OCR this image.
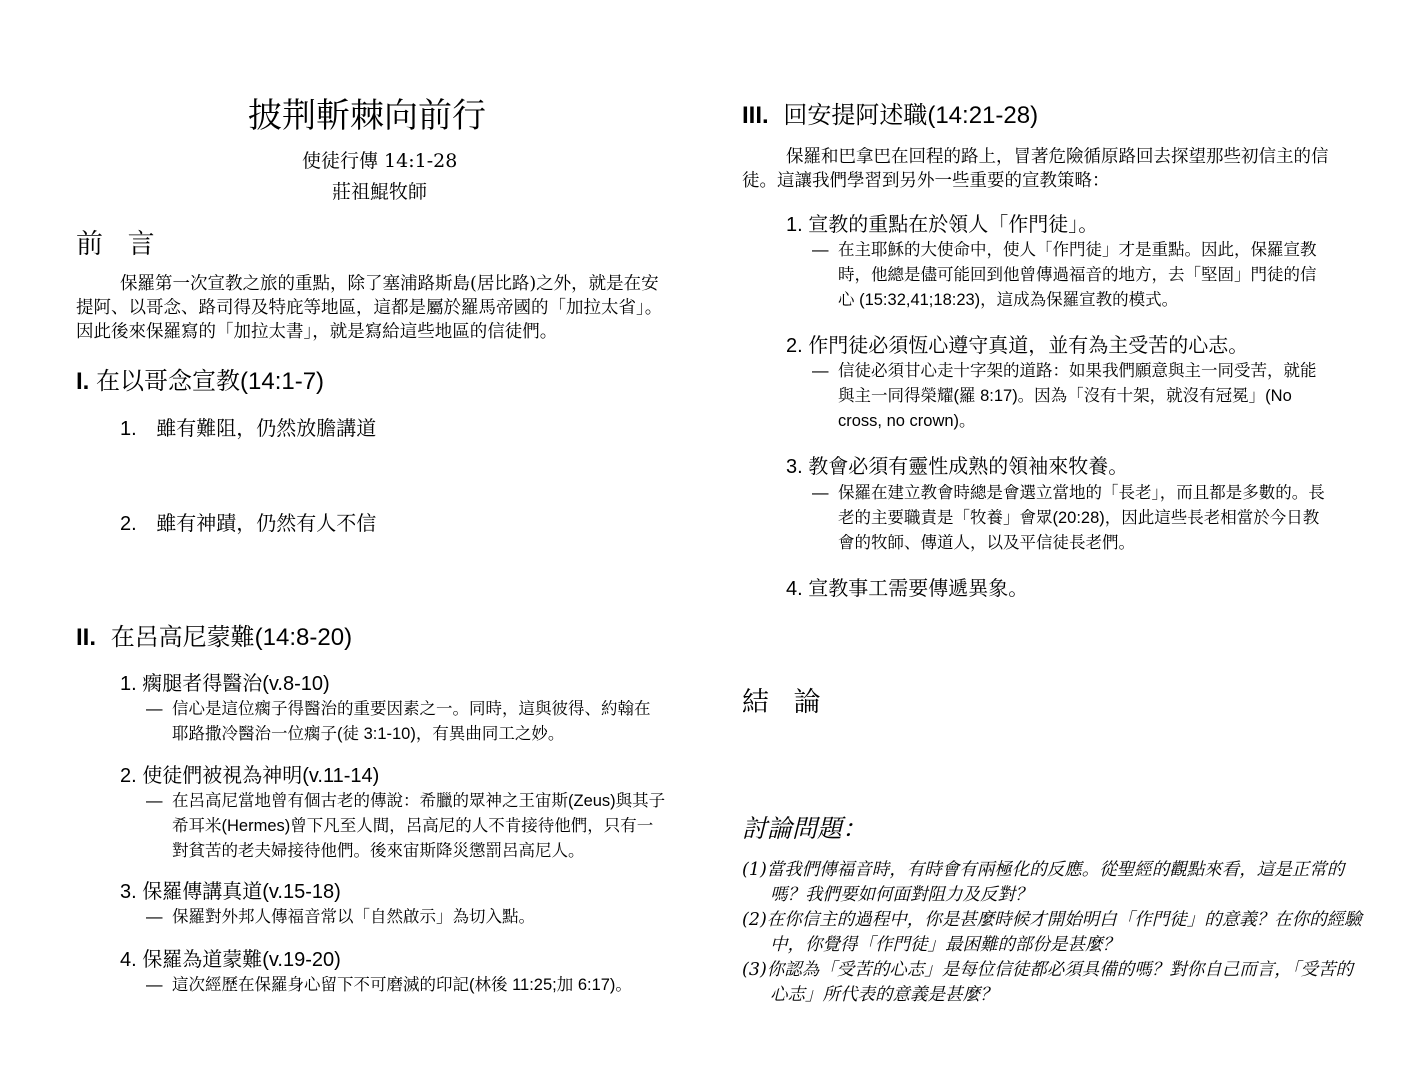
披荆斬棘向前行
使徒行傳 14:1-28
莊祖鯤牧師
前 言
保羅第一次宣教之旅的重點，除了塞浦路斯島(居比路)之外，就是在安提阿、以哥念、路司得及特庇等地區，這都是屬於羅馬帝國的「加拉太省」。因此後來保羅寫的「加拉太書」，就是寫給這些地區的信徒們。
I. 在以哥念宣教(14:1-7)
1. 雖有難阻，仍然放膽講道
2. 雖有神蹟，仍然有人不信
II. 在呂高尼蒙難(14:8-20)
1. 瘸腿者得醫治(v.8-10)
— 信心是這位瘸子得醫治的重要因素之一。同時，這與彼得、約翰在耶路撒冷醫治一位瘸子(徒 3:1-10)，有異曲同工之妙。
2. 使徒們被視為神明(v.11-14)
— 在呂高尼當地曾有個古老的傳說：希臘的眾神之王宙斯(Zeus)與其子希耳米(Hermes)曾下凡至人間，呂高尼的人不肯接待他們，只有一對貧苦的老夫婦接待他們。後來宙斯降災懲罰呂高尼人。
3. 保羅傳講真道(v.15-18)
— 保羅對外邦人傳福音常以「自然啟示」為切入點。
4. 保羅為道蒙難(v.19-20)
— 這次經歷在保羅身心留下不可磨滅的印記(林後 11:25;加 6:17)。
III. 回安提阿述職(14:21-28)
保羅和巴拿巴在回程的路上，冒著危險循原路回去探望那些初信主的信徒。這讓我們學習到另外一些重要的宣教策略：
1. 宣教的重點在於領人「作門徒」。
— 在主耶穌的大使命中，使人「作門徒」才是重點。因此，保羅宣教時，他總是儘可能回到他曾傳過福音的地方，去「堅固」門徒的信心 (15:32,41;18:23)，這成為保羅宣教的模式。
2. 作門徒必須恆心遵守真道，並有為主受苦的心志。
— 信徒必須甘心走十字架的道路：如果我們願意與主一同受苦，就能與主一同得榮耀(羅 8:17)。因為「沒有十架，就沒有冠冕」(No cross, no crown)。
3. 教會必須有靈性成熟的領袖來牧養。
— 保羅在建立教會時總是會選立當地的「長老」，而且都是多數的。長老的主要職責是「牧養」會眾(20:28)，因此這些長老相當於今日教會的牧師、傳道人，以及平信徒長老們。
4. 宣教事工需要傳遞異象。
結 論
討論問題：
(1)當我們傳福音時，有時會有兩極化的反應。從聖經的觀點來看，這是正常的嗎？我們要如何面對阻力及反對？
(2)在你信主的過程中，你是甚麼時候才開始明白「作門徒」的意義？在你的經驗中，你覺得「作門徒」最困難的部份是甚麼？
(3)你認為「受苦的心志」是每位信徒都必須具備的嗎？對你自己而言，「受苦的心志」所代表的意義是甚麼？
